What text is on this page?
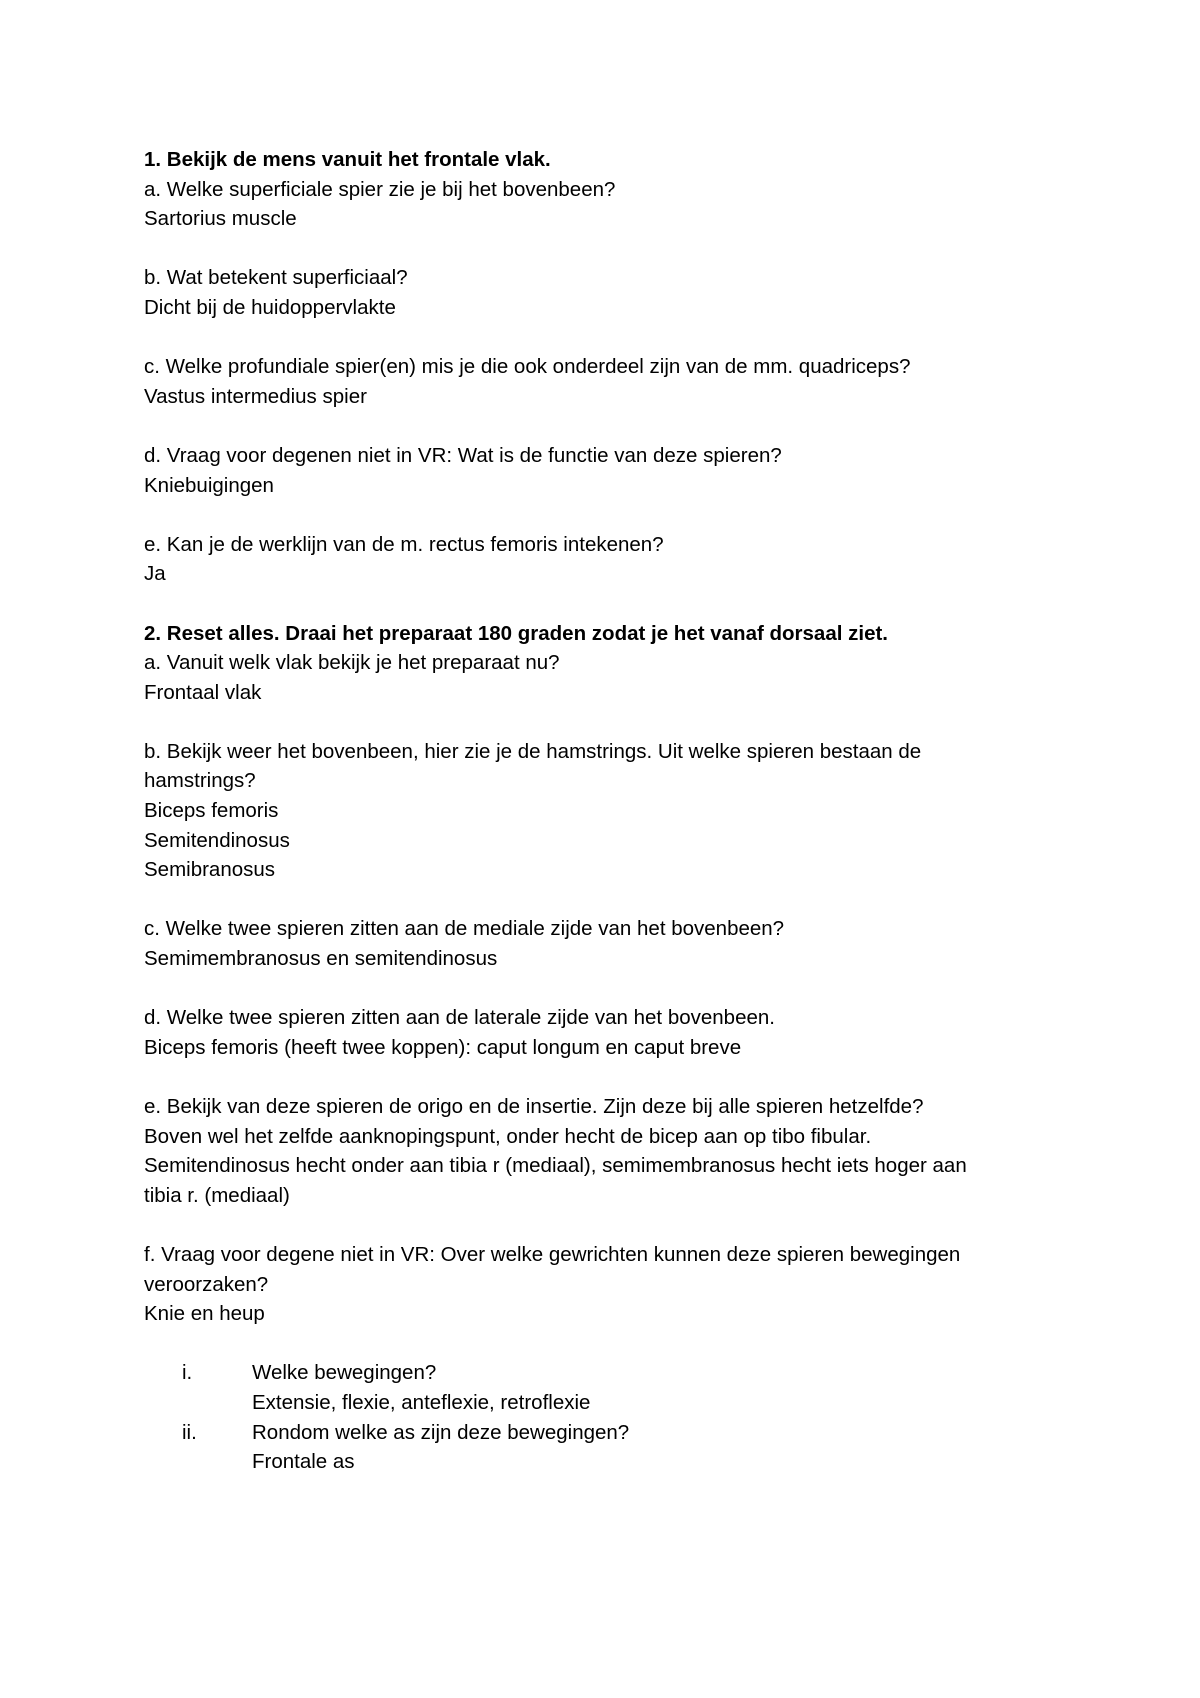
1. Bekijk de mens vanuit het frontale vlak.
a. Welke superficiale spier zie je bij het bovenbeen?
Sartorius muscle
b. Wat betekent superficiaal?
Dicht bij de huidoppervlakte
c. Welke profundiale spier(en) mis je die ook onderdeel zijn van de mm. quadriceps?
Vastus intermedius spier
d. Vraag voor degenen niet in VR: Wat is de functie van deze spieren?
Kniebuigingen
e. Kan je de werklijn van de m. rectus femoris intekenen?
Ja
2. Reset alles. Draai het preparaat 180 graden zodat je het vanaf dorsaal ziet.
a. Vanuit welk vlak bekijk je het preparaat nu?
Frontaal vlak
b. Bekijk weer het bovenbeen, hier zie je de hamstrings. Uit welke spieren bestaan de
hamstrings?
Biceps femoris
Semitendinosus
Semibranosus
c. Welke twee spieren zitten aan de mediale zijde van het bovenbeen?
Semimembranosus en semitendinosus
d. Welke twee spieren zitten aan de laterale zijde van het bovenbeen.
Biceps femoris (heeft twee koppen): caput longum en caput breve
e. Bekijk van deze spieren de origo en de insertie. Zijn deze bij alle spieren hetzelfde?
Boven wel het zelfde aanknopingspunt, onder hecht de bicep aan op tibo fibular.
Semitendinosus hecht onder aan tibia r (mediaal), semimembranosus hecht iets hoger aan
tibia r. (mediaal)
f. Vraag voor degene niet in VR: Over welke gewrichten kunnen deze spieren bewegingen
veroorzaken?
Knie en heup
i.	Welke bewegingen?
Extensie, flexie, anteflexie, retroflexie
ii.	Rondom welke as zijn deze bewegingen?
Frontale as
